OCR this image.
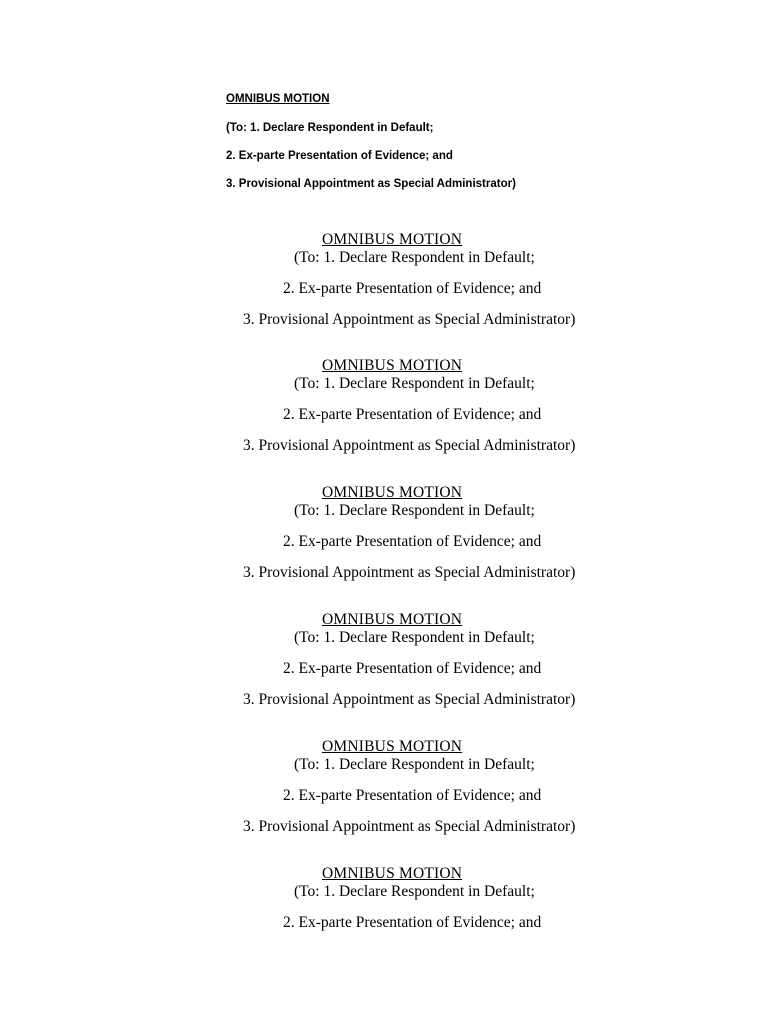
OMNIBUS MOTION
(To: 1. Declare Respondent in Default;
2. Ex-parte Presentation of Evidence; and
3. Provisional Appointment as Special Administrator)
OMNIBUS MOTION
(To: 1. Declare Respondent in Default;
2. Ex-parte Presentation of Evidence; and
3. Provisional Appointment as Special Administrator)
OMNIBUS MOTION
(To: 1. Declare Respondent in Default;
2. Ex-parte Presentation of Evidence; and
3. Provisional Appointment as Special Administrator)
OMNIBUS MOTION
(To: 1. Declare Respondent in Default;
2. Ex-parte Presentation of Evidence; and
3. Provisional Appointment as Special Administrator)
OMNIBUS MOTION
(To: 1. Declare Respondent in Default;
2. Ex-parte Presentation of Evidence; and
3. Provisional Appointment as Special Administrator)
OMNIBUS MOTION
(To: 1. Declare Respondent in Default;
2. Ex-parte Presentation of Evidence; and
3. Provisional Appointment as Special Administrator)
OMNIBUS MOTION
(To: 1. Declare Respondent in Default;
2. Ex-parte Presentation of Evidence; and
